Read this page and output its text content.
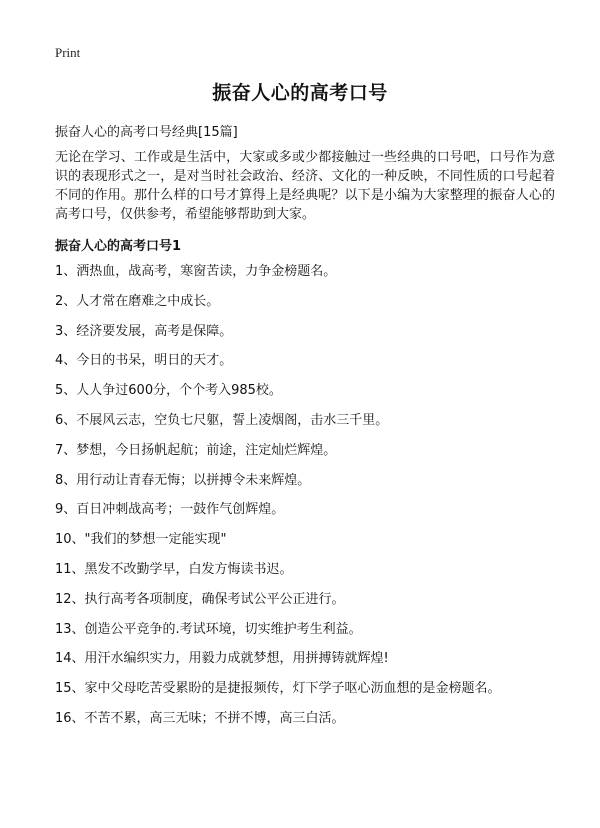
Print
振奋人心的高考口号
振奋人心的高考口号经典[15篇]
无论在学习、工作或是生活中，大家或多或少都接触过一些经典的口号吧，口号作为意识的表现形式之一，是对当时社会政治、经济、文化的一种反映，不同性质的口号起着不同的作用。那什么样的口号才算得上是经典呢？以下是小编为大家整理的振奋人心的高考口号，仅供参考，希望能够帮助到大家。
振奋人心的高考口号1
1、洒热血，战高考，寒窗苦读，力争金榜题名。
2、人才常在磨难之中成长。
3、经济要发展，高考是保障。
4、今日的书呆，明日的天才。
5、人人争过600分，个个考入985校。
6、不展风云志，空负七尺躯，誓上凌烟阁，击水三千里。
7、梦想，今日扬帆起航；前途，注定灿烂辉煌。
8、用行动让青春无悔；以拼搏令未来辉煌。
9、百日冲刺战高考；一鼓作气创辉煌。
10、"我们的梦想一定能实现"
11、黑发不改勤学早，白发方悔读书迟。
12、执行高考各项制度，确保考试公平公正进行。
13、创造公平竞争的.考试环境，切实维护考生利益。
14、用汗水编织实力，用毅力成就梦想，用拼搏铸就辉煌!
15、家中父母吃苦受累盼的是捷报频传，灯下学子呕心沥血想的是金榜题名。
16、不苦不累，高三无味；不拼不博，高三白活。
